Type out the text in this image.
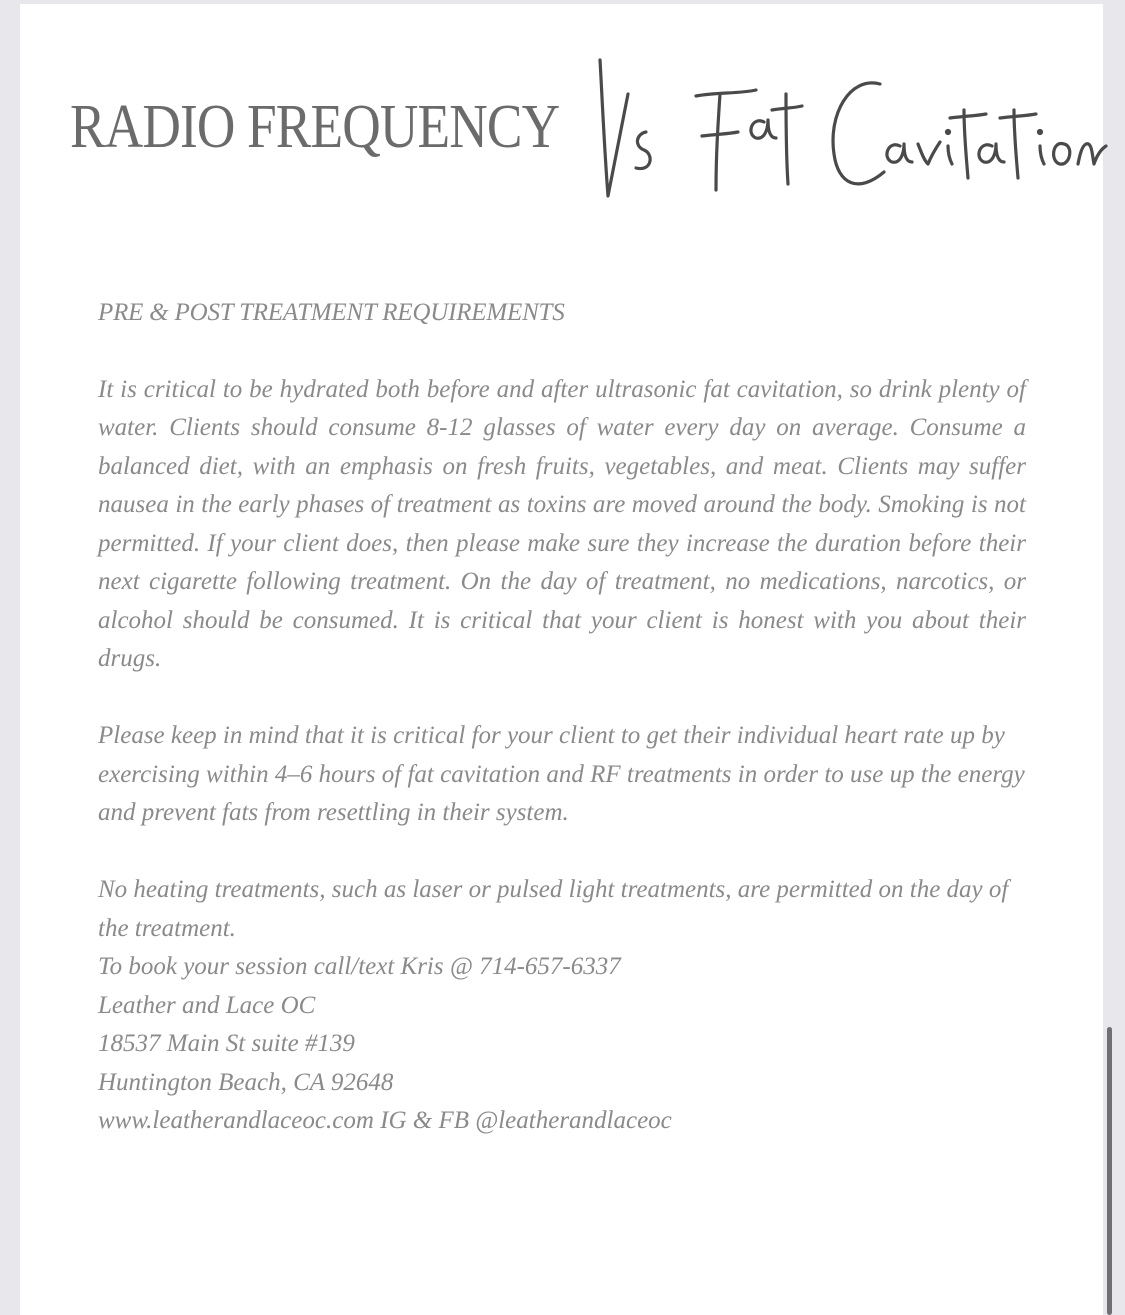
RADIO FREQUENCY
Vs Fat Cavitation

PRE & POST TREATMENT REQUIREMENTS

It is critical to be hydrated both before and after ultrasonic fat cavitation, so drink plenty of water. Clients should consume 8-12 glasses of water every day on average. Consume a balanced diet, with an emphasis on fresh fruits, vegetables, and meat. Clients may suffer nausea in the early phases of treatment as toxins are moved around the body. Smoking is not permitted. If your client does, then please make sure they increase the duration before their next cigarette following treatment. On the day of treatment, no medications, narcotics, or alcohol should be consumed. It is critical that your client is honest with you about their drugs.

Please keep in mind that it is critical for your client to get their individual heart rate up by exercising within 4–6 hours of fat cavitation and RF treatments in order to use up the energy and prevent fats from resettling in their system.

No heating treatments, such as laser or pulsed light treatments, are permitted on the day of the treatment.

To book your session call/text Kris @ 714-657-6337

Leather and Lace OC

18537 Main St suite #139

Huntington Beach, CA 92648

www.leatherandlaceoc.com IG & FB @leatherandlaceoc
